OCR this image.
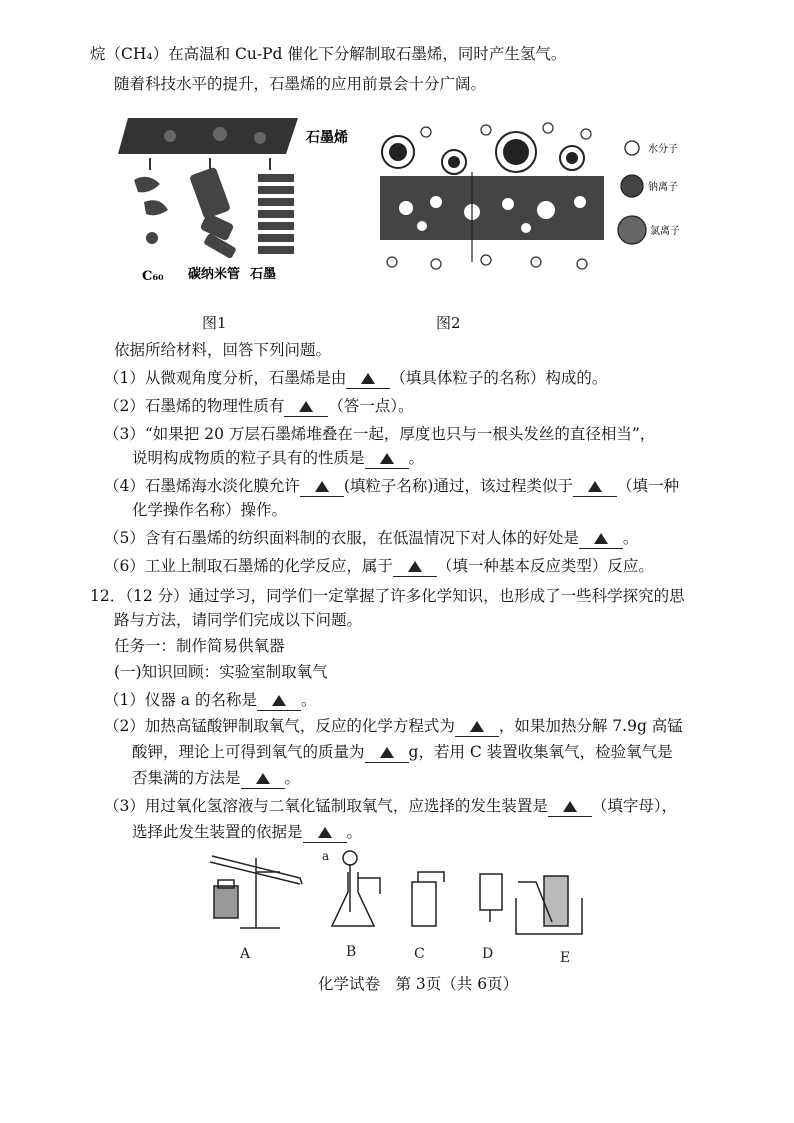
烷（CH₄）在高温和 Cu-Pd 催化下分解制取石墨烯，同时产生氢气。
随着科技水平的提升，石墨烯的应用前景会十分广阔。
石墨烯
C₆₀ 碳纳米管 石墨
图1
水分子
钠离子
氯离子
图2
依据所给材料，回答下列问题。
（1）从微观角度分析，石墨烯是由	（填具体粒子的名称）构成的。
（2）石墨烯的物理性质有	（答一点）。
（3）“如果把 20 万层石墨烯堆叠在一起，厚度也只与一根头发丝的直径相当”，
说明构成物质的粒子具有的性质是	。
（4）石墨烯海水淡化膜允许	(填粒子名称)通过，该过程类似于	（填一种
化学操作名称）操作。
（5）含有石墨烯的纺织面料制的衣服，在低温情况下对人体的好处是	。
（6）工业上制取石墨烯的化学反应，属于	（填一种基本反应类型）反应。
12．（12 分）通过学习，同学们一定掌握了许多化学知识，也形成了一些科学探究的思
路与方法，请同学们完成以下问题。
任务一：制作简易供氧器
(一)知识回顾：实验室制取氧气
（1）仪器 a 的名称是	。
（2）加热高锰酸钾制取氧气，反应的化学方程式为	，如果加热分解 7.9g 高锰
酸钾，理论上可得到氧气的质量为	g，若用 C 装置收集氧气，检验氧气是
否集满的方法是	。
（3）用过氧化氢溶液与二氧化锰制取氧气，应选择的发生装置是	（填字母），
选择此发生装置的依据是	。
a
A	B	C	D	E
化学试卷　第 3页（共 6页）
